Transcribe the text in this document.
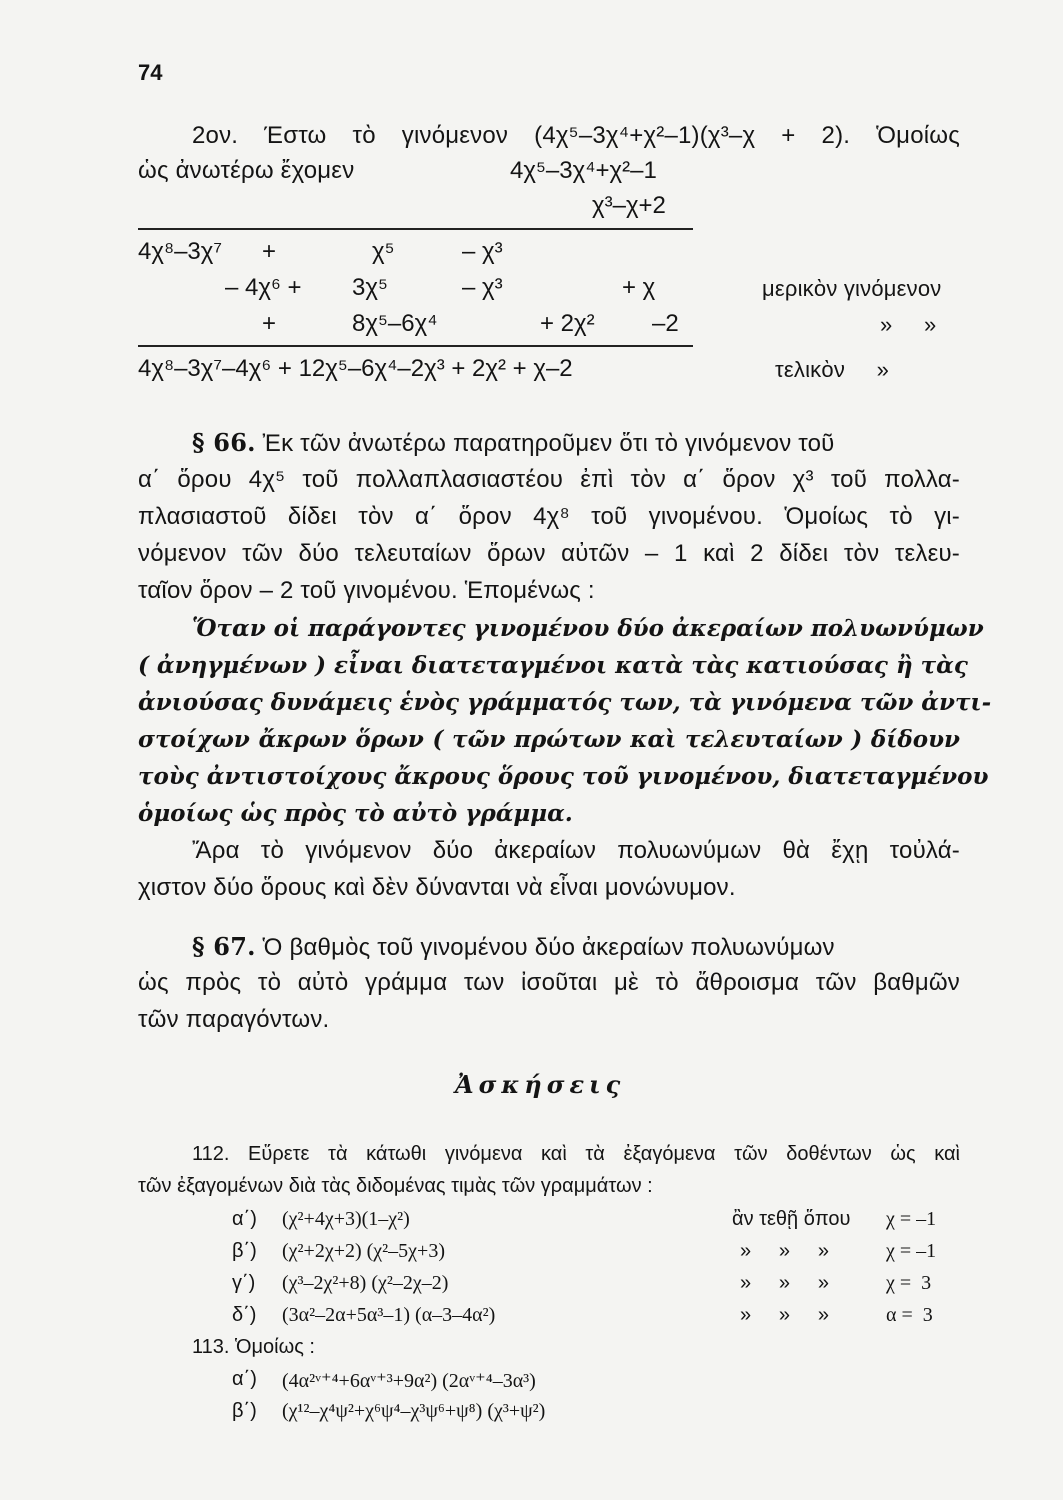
74
2ον. Έστω τὸ γινόμενον (4χ⁵–3χ⁴+χ²–1)(χ³–χ + 2). Ὁμοίως
ὡς ἀνωτέρω ἔχομεν	4χ⁵–3χ⁴+χ²–1
χ³–χ+2
4χ⁸–3χ⁷ +	χ⁵	– χ³
– 4χ⁶ + 3χ⁵	– χ³	+ χ	μερικὸν γινόμενον
+	8χ⁵–6χ⁴	+ 2χ² –2	»     »
4χ⁸–3χ⁷–4χ⁶ + 12χ⁵–6χ⁴–2χ³ + 2χ² + χ–2	τελικὸν     »
§ 66. Ἐκ τῶν ἀνωτέρω παρατηροῦμεν ὅτι τὸ γινόμενον τοῦ
α΄ ὅρου 4χ⁵ τοῦ πολλαπλασιαστέου ἐπὶ τὸν α΄ ὅρον χ³ τοῦ πολλα-
πλασιαστοῦ δίδει τὸν α΄ ὅρον 4χ⁸ τοῦ γινομένου. Ὁμοίως τὸ γι-
νόμενον τῶν δύο τελευταίων ὅρων αὐτῶν – 1 καὶ 2 δίδει τὸν τελευ-
ταῖον ὅρον – 2 τοῦ γινομένου. Ἑπομένως :
Ὅταν οἱ παράγοντες γινομένου δύο ἀκεραίων πολυωνύμων
( ἀνηγμένων ) εἶναι διατεταγμένοι κατὰ τὰς κατιούσας ἢ τὰς
ἀνιούσας δυνάμεις ἑνὸς γράμματός των, τὰ γινόμενα τῶν ἀντι-
στοίχων ἄκρων ὅρων ( τῶν πρώτων καὶ τελευταίων ) δίδουν
τοὺς ἀντιστοίχους ἄκρους ὅρους τοῦ γινομένου, διατεταγμένου
ὁμοίως ὡς πρὸς τὸ αὐτὸ γράμμα.
Ἄρα τὸ γινόμενον δύο ἀκεραίων πολυωνύμων θὰ ἔχῃ τοὐλά-
χιστον δύο ὅρους καὶ δὲν δύνανται νὰ εἶναι μονώνυμον.
§ 67. Ὁ βαθμὸς τοῦ γινομένου δύο ἀκεραίων πολυωνύμων
ὡς πρὸς τὸ αὐτὸ γράμμα των ἰσοῦται μὲ τὸ ἄθροισμα τῶν βαθμῶν
τῶν παραγόντων.
Ἀσκήσεις
112. Εὕρετε τὰ κάτωθι γινόμενα καὶ τὰ ἐξαγόμενα τῶν δοθέντων ὡς καὶ
τῶν ἐξαγομένων διὰ τὰς διδομένας τιμὰς τῶν γραμμάτων :
α΄) (χ²+4χ+3)(1–χ²)	ἂν τεθῇ ὅπου χ = –1
β΄) (χ²+2χ+2) (χ²–5χ+3)	»     »     »	χ = –1
γ΄) (χ³–2χ²+8) (χ²–2χ–2)	»     »     »	χ =  3
δ΄) (3α²–2α+5α³–1) (α–3–4α²)	»     »     »	α =  3
113. Ὁμοίως :
α΄) (4α²ᵛ⁺⁴+6αᵛ⁺³+9α²) (2αᵛ⁺⁴–3α³)
β΄) (χ¹²–χ⁴ψ²+χ⁶ψ⁴–χ³ψ⁶+ψ⁸) (χ³+ψ²)
